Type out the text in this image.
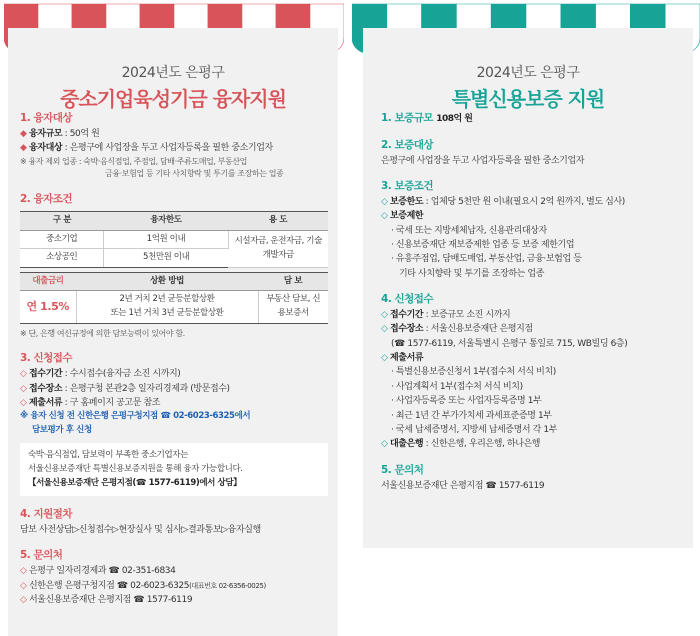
2024년도 은평구
중소기업육성기금 융자지원
1. 융자대상
◆ 융자규모 : 50억 원
◆ 융자대상 : 은평구에 사업장을 두고 사업자등록을 필한 중소기업자
※ 융자 제외 업종 : 숙박·음식점업, 주점업, 담배·주류도매업, 부동산업
금융·보험업 등 기타 사치향락 및 투기를 조장하는 업종
2. 융자조건
구 분	융자한도	용 도
중소기업	1억원 이내	시설자금, 운전자금, 기술개발자금
소상공인	5천만원 이내	
대출금리	상환 방법	담 보
연 1.5%	2년 거치 2년 균등분할상환
또는 1년 거치 3년 균등분할상환	부동산 담보, 신용보증서
※ 단, 은행 여신규정에 의한 담보능력이 있어야 함.
3. 신청접수
◇ 접수기간 : 수시접수(융자금 소진 시까지)
◇ 접수장소 : 은평구청 본관2층 일자리경제과 (방문접수)
◇ 제출서류 : 구 홈페이지 공고문 참조
※ 융자 신청 전 신한은행 은평구청지점 ☎ 02-6023-6325에서
담보평가 후 신청
숙박·음식점업, 담보력이 부족한 중소기업자는
서울신용보증재단 특별신용보증지원을 통해 융자 가능합니다.
【서울신용보증재단 은평지점(☎ 1577-6119)에서 상담】
4. 지원절차
담보 사전상담▷신청접수▷현장실사 및 심사▷결과통보▷융자실행
5. 문의처
◇ 은평구 일자리경제과 ☎ 02-351-6834
◇ 신한은행 은평구청지점 ☎ 02-6023-6325(대표번호 02-6356-0025)
◇ 서울신용보증재단 은평지점 ☎ 1577-6119
2024년도 은평구
특별신용보증 지원
1. 보증규모 108억 원
2. 보증대상
은평구에 사업장을 두고 사업자등록을 필한 중소기업자
3. 보증조건
◇ 보증한도 : 업체당 5천만 원 이내(필요시 2억 원까지, 별도 심사)
◇ 보증제한
· 국세 또는 지방세체납자, 신용관리대상자
· 신용보증재단 재보증제한 업종 등 보증 제한기업
· 유흥주점업, 담배도매업, 부동산업, 금융·보험업 등
기타 사치향락 및 투기를 조장하는 업종
4. 신청접수
◇ 접수기간 : 보증규모 소진 시까지
◇ 접수장소 : 서울신용보증재단 은평지점
(☎ 1577-6119, 서울특별시 은평구 통일로 715, WB빌딩 6층)
◇ 제출서류
· 특별신용보증신청서 1부(접수처 서식 비치)
· 사업계획서 1부(접수처 서식 비치)
· 사업자등록증 또는 사업자등록증명 1부
· 최근 1년 간 부가가치세 과세표준증명 1부
· 국세 납세증명서, 지방세 납세증명서 각 1부
◇ 대출은행 : 신한은행, 우리은행, 하나은행
5. 문의처
서울신용보증재단 은평지점 ☎ 1577-6119
